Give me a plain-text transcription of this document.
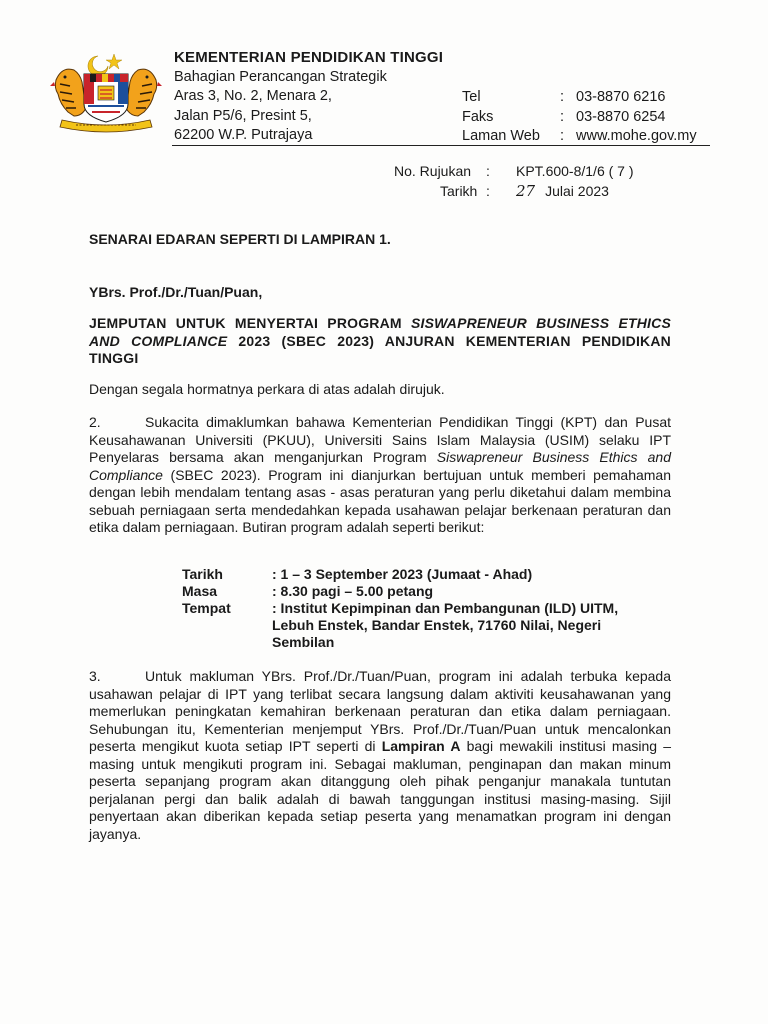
KEMENTERIAN PENDIDIKAN TINGGI
Bahagian Perancangan Strategik
Aras 3, No. 2, Menara 2,
Jalan P5/6, Presint 5,
62200 W.P. Putrajaya
Tel	: 03-8870 6216
Faks	: 03-8870 6254
Laman Web	: www.mohe.gov.my
No. Rujukan	:	KPT.600-8/1/6 ( 7 )
Tarikh :	27 Julai 2023
SENARAI EDARAN SEPERTI DI LAMPIRAN 1.
YBrs. Prof./Dr./Tuan/Puan,
JEMPUTAN UNTUK MENYERTAI PROGRAM SISWAPRENEUR BUSINESS ETHICS AND COMPLIANCE 2023 (SBEC 2023) ANJURAN KEMENTERIAN PENDIDIKAN TINGGI
Dengan segala hormatnya perkara di atas adalah dirujuk.
2.	Sukacita dimaklumkan bahawa Kementerian Pendidikan Tinggi (KPT) dan Pusat Keusahawanan Universiti (PKUU), Universiti Sains Islam Malaysia (USIM) selaku IPT Penyelaras bersama akan menganjurkan Program Siswapreneur Business Ethics and Compliance (SBEC 2023). Program ini dianjurkan bertujuan untuk memberi pemahaman dengan lebih mendalam tentang asas - asas peraturan yang perlu diketahui dalam membina sebuah perniagaan serta mendedahkan kepada usahawan pelajar berkenaan peraturan dan etika dalam perniagaan. Butiran program adalah seperti berikut:
Tarikh	: 1 – 3 September 2023 (Jumaat - Ahad)
Masa	: 8.30 pagi – 5.00 petang
Tempat	: Institut Kepimpinan dan Pembangunan (ILD) UITM, Lebuh Enstek, Bandar Enstek, 71760 Nilai, Negeri Sembilan
3.	Untuk makluman YBrs. Prof./Dr./Tuan/Puan, program ini adalah terbuka kepada usahawan pelajar di IPT yang terlibat secara langsung dalam aktiviti keusahawanan yang memerlukan peningkatan kemahiran berkenaan peraturan dan etika dalam perniagaan. Sehubungan itu, Kementerian menjemput YBrs. Prof./Dr./Tuan/Puan untuk mencalonkan peserta mengikut kuota setiap IPT seperti di Lampiran A bagi mewakili institusi masing – masing untuk mengikuti program ini. Sebagai makluman, penginapan dan makan minum peserta sepanjang program akan ditanggung oleh pihak penganjur manakala tuntutan perjalanan pergi dan balik adalah di bawah tanggungan institusi masing-masing. Sijil penyertaan akan diberikan kepada setiap peserta yang menamatkan program ini dengan jayanya.
